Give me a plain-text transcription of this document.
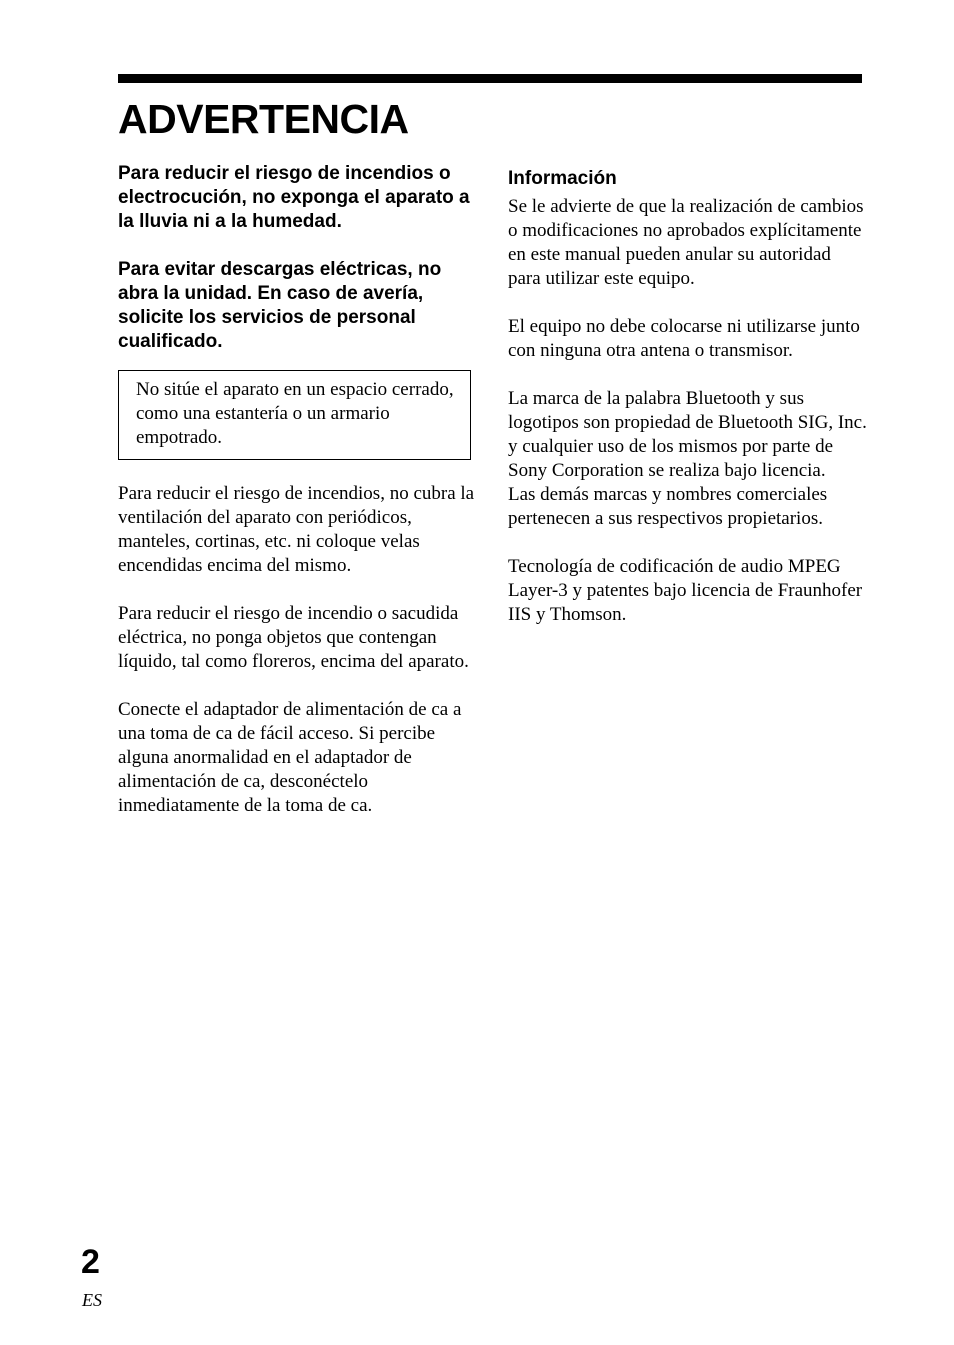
ADVERTENCIA

Para reducir el riesgo de incendios o electrocución, no exponga el aparato a la lluvia ni a la humedad.

Para evitar descargas eléctricas, no abra la unidad. En caso de avería, solicite los servicios de personal cualificado.

No sitúe el aparato en un espacio cerrado, como una estantería o un armario empotrado.

Para reducir el riesgo de incendios, no cubra la ventilación del aparato con periódicos, manteles, cortinas, etc. ni coloque velas encendidas encima del mismo.

Para reducir el riesgo de incendio o sacudida eléctrica, no ponga objetos que contengan líquido, tal como floreros, encima del aparato.

Conecte el adaptador de alimentación de ca a una toma de ca de fácil acceso. Si percibe alguna anormalidad en el adaptador de alimentación de ca, desconéctelo inmediatamente de la toma de ca.

Información

Se le advierte de que la realización de cambios o modificaciones no aprobados explícitamente en este manual pueden anular su autoridad para utilizar este equipo.

El equipo no debe colocarse ni utilizarse junto con ninguna otra antena o transmisor.

La marca de la palabra Bluetooth y sus logotipos son propiedad de Bluetooth SIG, Inc. y cualquier uso de los mismos por parte de Sony Corporation se realiza bajo licencia.

Las demás marcas y nombres comerciales pertenecen a sus respectivos propietarios.

Tecnología de codificación de audio MPEG Layer-3 y patentes bajo licencia de Fraunhofer IIS y Thomson.

2
ES
